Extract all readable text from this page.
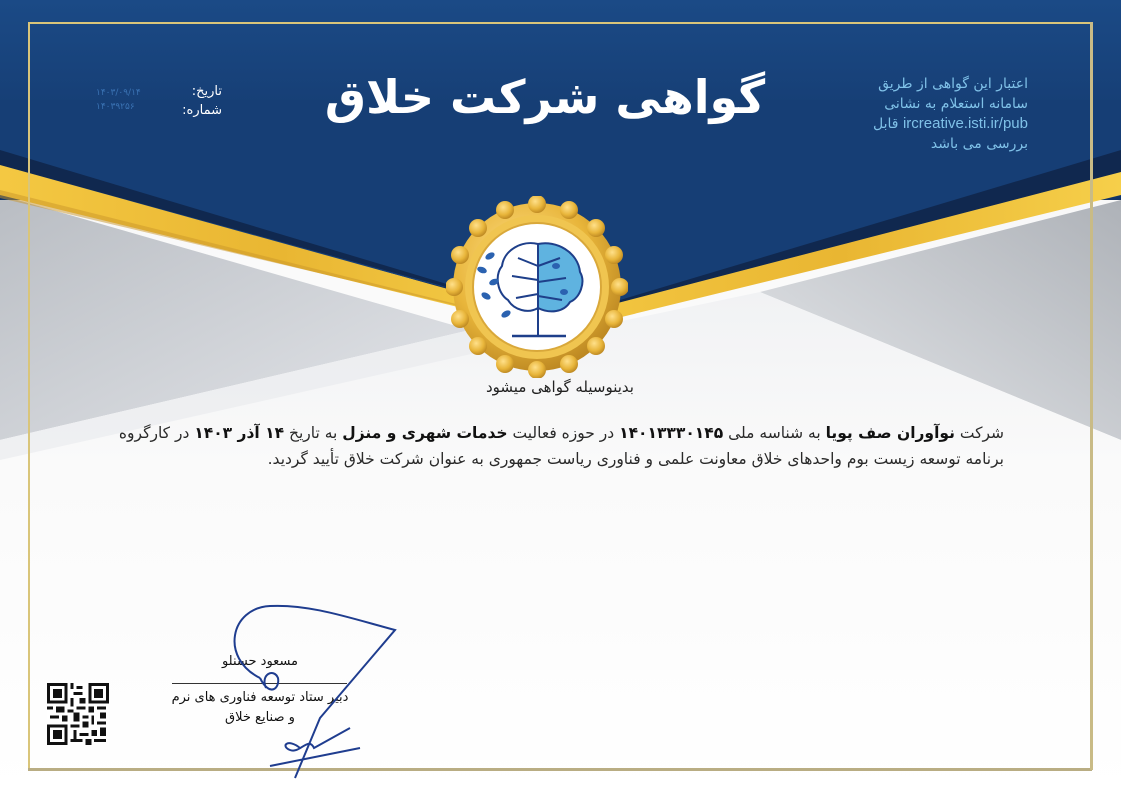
گواهی شرکت خلاق	اعتبار این گواهی از طریق
سامانه استعلام به نشانی
ircreative.isti.ir/pub قابل
بررسی می باشد
تاریخ:
۱۴۰۳/۰۹/۱۴
شماره:
۱۴۰۳۹۲۵۶
بدینوسیله گواهی میشود
شرکت نوآوران صف پویا به شناسه ملی ۱۴۰۱۳۳۳۰۱۴۵ در حوزه فعالیت خدمات شهری و منزل به تاریخ ۱۴ آذر ۱۴۰۳ در کارگروه برنامه توسعه زیست بوم واحدهای خلاق معاونت علمی و فناوری ریاست جمهوری به عنوان شرکت خلاق تأیید گردید.
مسعود حسنلو
دبیر ستاد توسعه فناوری های نرم
و صنایع خلاق
